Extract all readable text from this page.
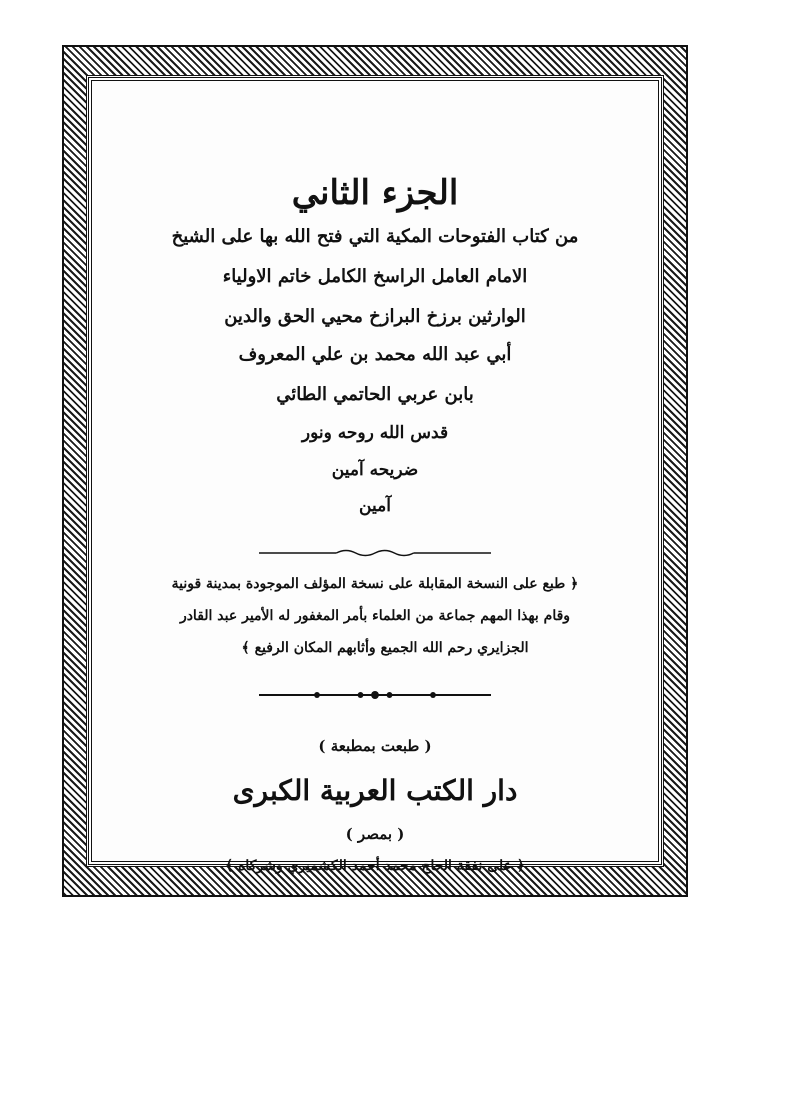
الجزء الثاني
من كتاب الفتوحات المكية التي فتح الله بها على الشيخ
الامام العامل الراسخ الكامل خاتم الاولياء
الوارثين برزخ البرازخ محيي الحق والدين
أبي عبد الله محمد بن علي المعروف
بابن عربي الحاتمي الطائي
قدس الله روحه ونور
ضريحه آمين
آمين
﴿ طبع على النسخة المقابلة على نسخة المؤلف الموجودة بمدينة قونية
وقام بهذا المهم جماعة من العلماء بأمر المغفور له الأمير عبد القادر
الجزايري رحم الله الجميع وأثابهم المكان الرفيع ﴾
( طبعت بمطبعة )
دار الكتب العربية الكبرى
( بمصر )
﴿ على نفقة الحاج محمد أحمد الكشميري وشركاه ﴾
